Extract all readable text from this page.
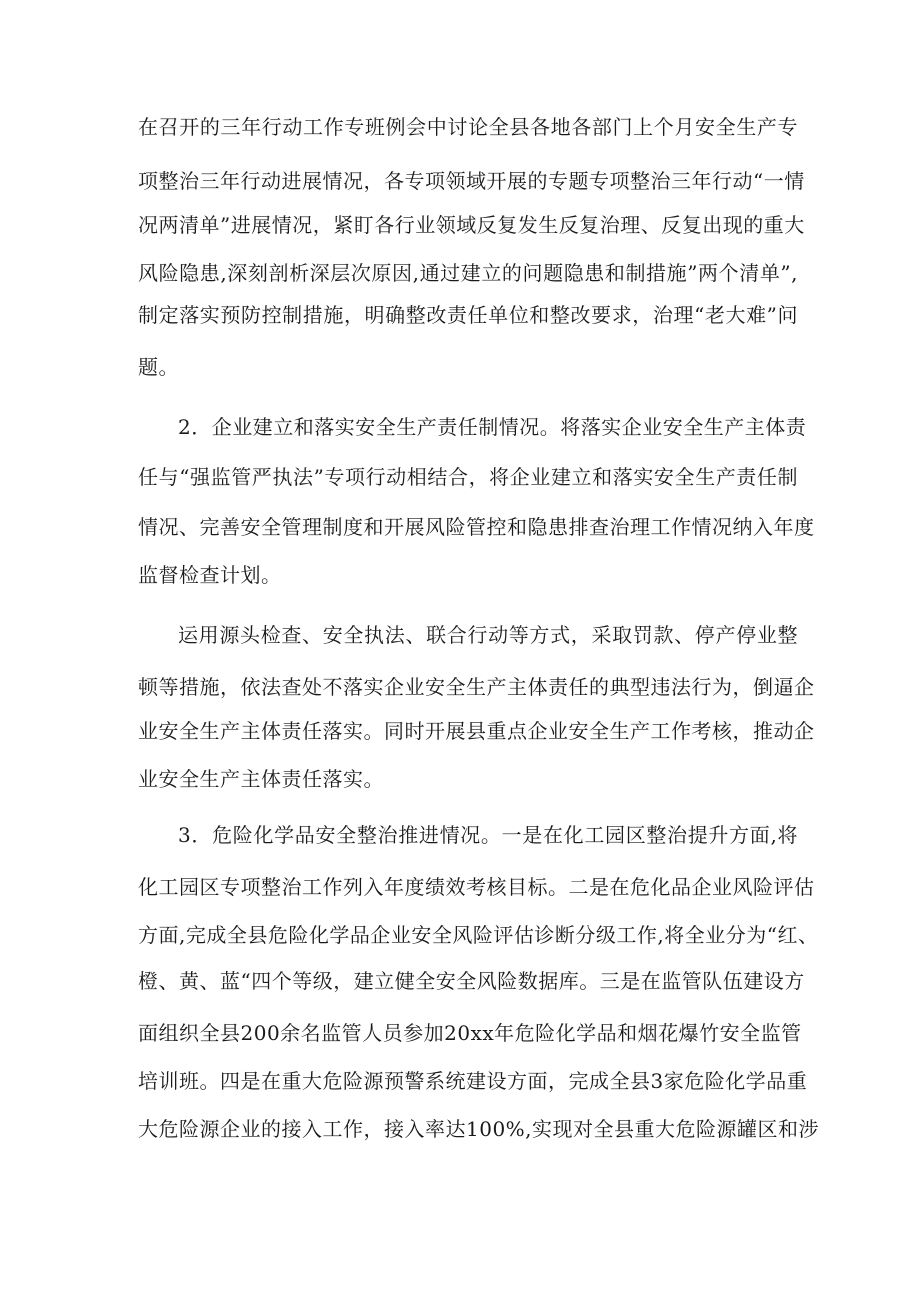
在召开的三年行动工作专班例会中讨论全县各地各部门上个月安全生产专
项整治三年行动进展情况，各专项领域开展的专题专项整治三年行动“一情
况两清单”进展情况，紧盯各行业领域反复发生反复治理、反复出现的重大
风险隐患,深刻剖析深层次原因,通过建立的问题隐患和制措施”两个清单”,
制定落实预防控制措施，明确整改责任单位和整改要求，治理“老大难”问
题。
2．企业建立和落实安全生产责任制情况。将落实企业安全生产主体责
任与“强监管严执法”专项行动相结合，将企业建立和落实安全生产责任制
情况、完善安全管理制度和开展风险管控和隐患排查治理工作情况纳入年度
监督检查计划。
运用源头检查、安全执法、联合行动等方式，采取罚款、停产停业整
顿等措施，依法查处不落实企业安全生产主体责任的典型违法行为，倒逼企
业安全生产主体责任落实。同时开展县重点企业安全生产工作考核，推动企
业安全生产主体责任落实。
3．危险化学品安全整治推进情况。一是在化工园区整治提升方面,将
化工园区专项整治工作列入年度绩效考核目标。二是在危化品企业风险评估
方面,完成全县危险化学品企业安全风险评估诊断分级工作,将全业分为“红、
橙、黄、蓝“四个等级，建立健全安全风险数据库。三是在监管队伍建设方
面组织全县200余名监管人员参加20xx年危险化学品和烟花爆竹安全监管
培训班。四是在重大危险源预警系统建设方面，完成全县3家危险化学品重
大危险源企业的接入工作，接入率达100%,实现对全县重大危险源罐区和涉
